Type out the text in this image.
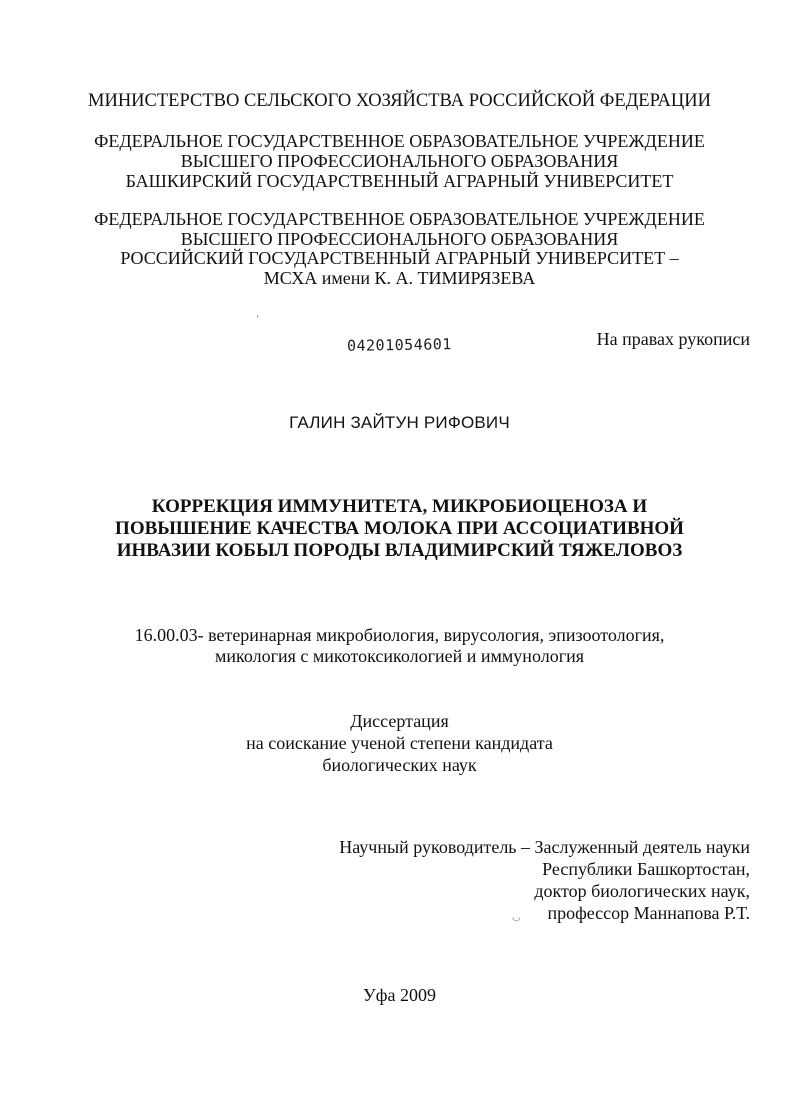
МИНИСТЕРСТВО СЕЛЬСКОГО ХОЗЯЙСТВА РОССИЙСКОЙ ФЕДЕРАЦИИ
ФЕДЕРАЛЬНОЕ ГОСУДАРСТВЕННОЕ ОБРАЗОВАТЕЛЬНОЕ УЧРЕЖДЕНИЕ
ВЫСШЕГО ПРОФЕССИОНАЛЬНОГО ОБРАЗОВАНИЯ
БАШКИРСКИЙ ГОСУДАРСТВЕННЫЙ АГРАРНЫЙ УНИВЕРСИТЕТ
ФЕДЕРАЛЬНОЕ ГОСУДАРСТВЕННОЕ ОБРАЗОВАТЕЛЬНОЕ УЧРЕЖДЕНИЕ
ВЫСШЕГО ПРОФЕССИОНАЛЬНОГО ОБРАЗОВАНИЯ
РОССИЙСКИЙ ГОСУДАРСТВЕННЫЙ АГРАРНЫЙ УНИВЕРСИТЕТ –
МСХА имени К. А. ТИМИРЯЗЕВА
ʻ
04201054601	На правах рукописи
ГАЛИН ЗАЙТУН РИФОВИЧ
КОРРЕКЦИЯ ИММУНИТЕТА, МИКРОБИОЦЕНОЗА И
ПОВЫШЕНИЕ КАЧЕСТВА МОЛОКА ПРИ АССОЦИАТИВНОЙ
ИНВАЗИИ КОБЫЛ ПОРОДЫ ВЛАДИМИРСКИЙ ТЯЖЕЛОВОЗ
16.00.03- ветеринарная микробиология, вирусология, эпизоотология,
микология с микотоксикологией и иммунология
Диссертация
на соискание ученой степени кандидата
биологических наук
Научный руководитель – Заслуженный деятель науки
Республики Башкортостан,
доктор биологических наук,
профессор Маннапова Р.Т.
◡
Уфа 2009
